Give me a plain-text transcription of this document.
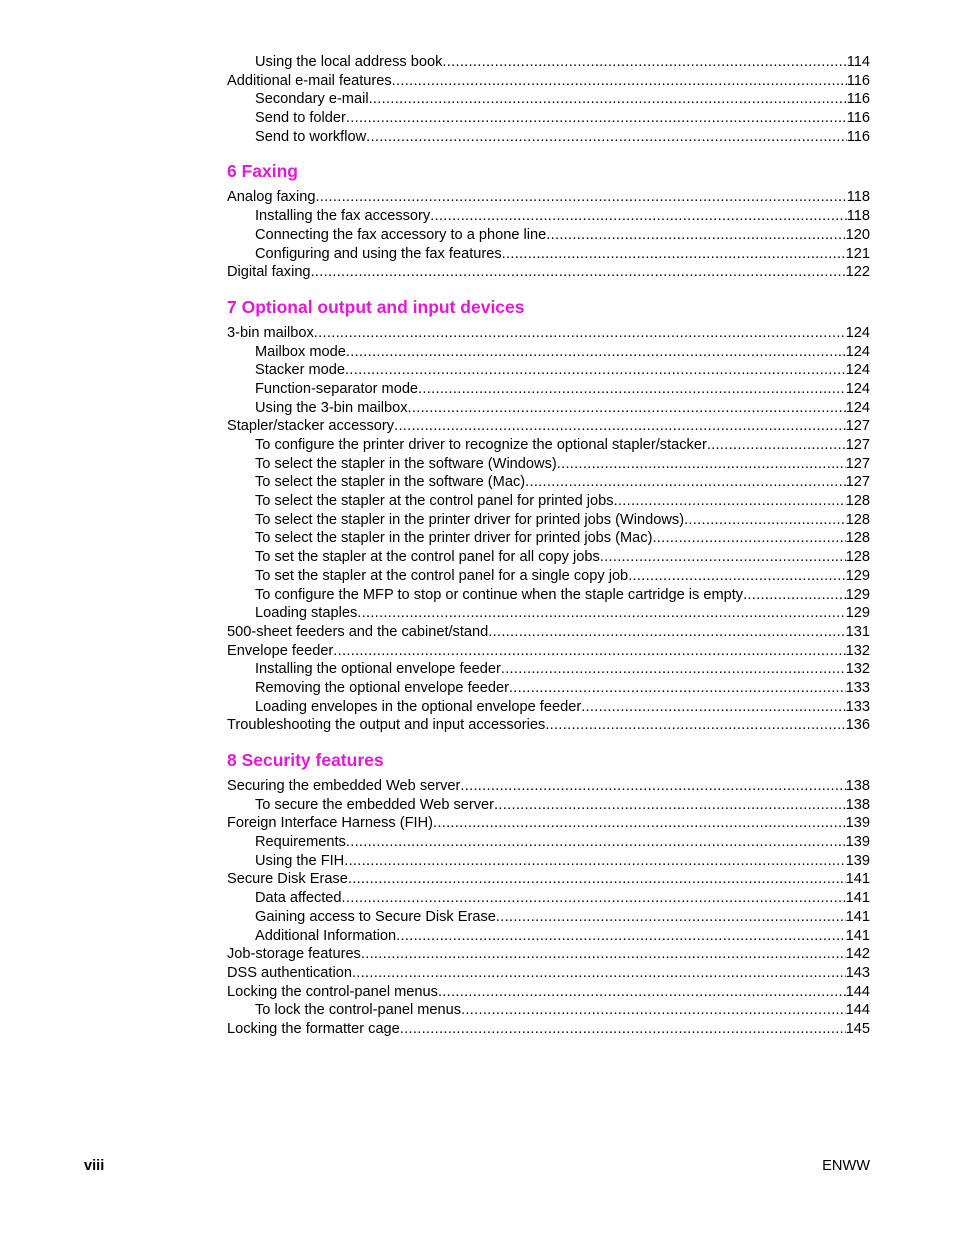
Using the local address book .....	114
Additional e-mail features .....	116
Secondary e-mail .....	116
Send to folder .....	116
Send to workflow .....	116
6 Faxing
Analog faxing .....	118
Installing the fax accessory .....	118
Connecting the fax accessory to a phone line .....	120
Configuring and using the fax features .....	121
Digital faxing .....	122
7 Optional output and input devices
3-bin mailbox .....	124
Mailbox mode .....	124
Stacker mode .....	124
Function-separator mode .....	124
Using the 3-bin mailbox .....	124
Stapler/stacker accessory .....	127
To configure the printer driver to recognize the optional stapler/stacker .....	127
To select the stapler in the software (Windows) .....	127
To select the stapler in the software (Mac) .....	127
To select the stapler at the control panel for printed jobs .....	128
To select the stapler in the printer driver for printed jobs (Windows) .....	128
To select the stapler in the printer driver for printed jobs (Mac) .....	128
To set the stapler at the control panel for all copy jobs .....	128
To set the stapler at the control panel for a single copy job .....	129
To configure the MFP to stop or continue when the staple cartridge is empty .....	129
Loading staples .....	129
500-sheet feeders and the cabinet/stand .....	131
Envelope feeder .....	132
Installing the optional envelope feeder .....	132
Removing the optional envelope feeder .....	133
Loading envelopes in the optional envelope feeder .....	133
Troubleshooting the output and input accessories .....	136
8 Security features
Securing the embedded Web server .....	138
To secure the embedded Web server .....	138
Foreign Interface Harness (FIH) .....	139
Requirements .....	139
Using the FIH .....	139
Secure Disk Erase .....	141
Data affected .....	141
Gaining access to Secure Disk Erase .....	141
Additional Information .....	141
Job-storage features .....	142
DSS authentication .....	143
Locking the control-panel menus .....	144
To lock the control-panel menus .....	144
Locking the formatter cage .....	145
viii	ENWW
